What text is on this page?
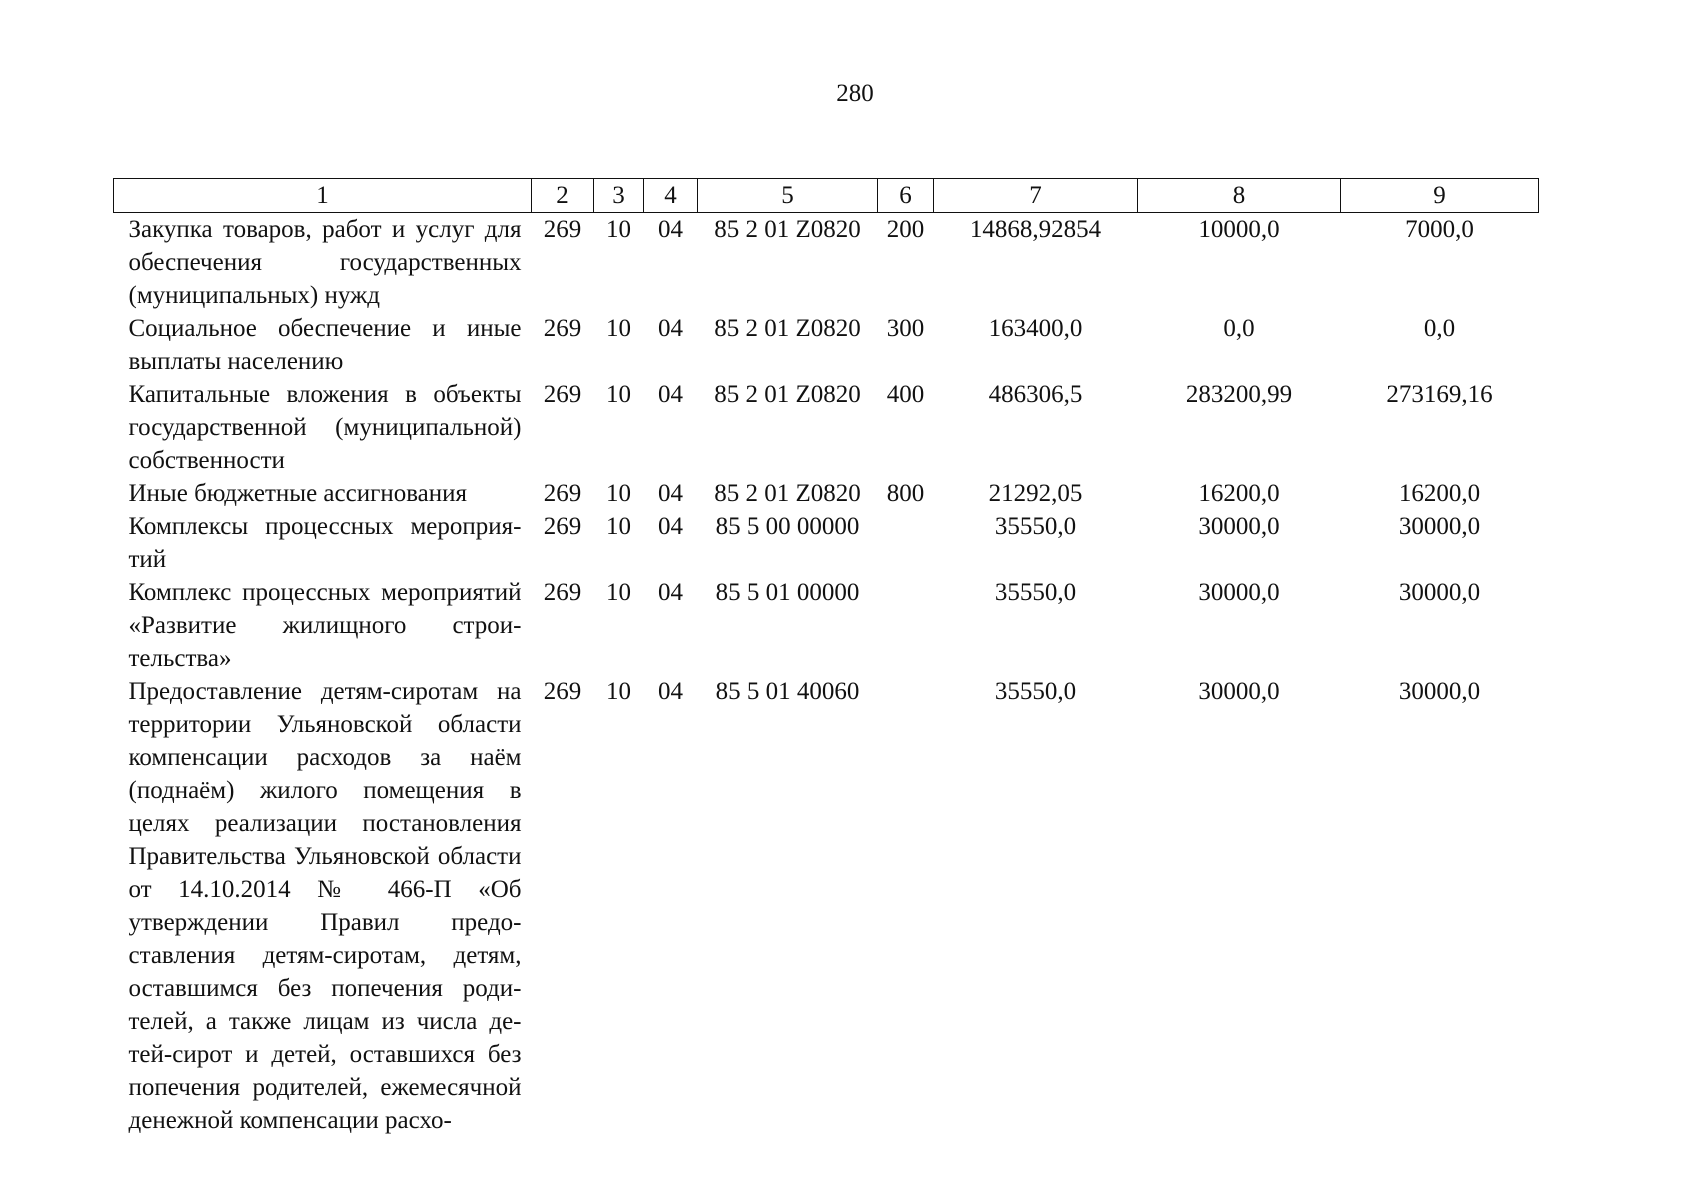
280
1	2	3	4	5	6	7	8	9
Закупка товаров, работ и услуг для обеспечения государственных (муниципальных) нужд	269	10	04	85 2 01 Z0820	200	14868,92854	10000,0	7000,0
Социальное обеспечение и иные выплаты населению	269	10	04	85 2 01 Z0820	300	163400,0	0,0	0,0
Капитальные вложения в объекты государственной (муниципальной) собственности	269	10	04	85 2 01 Z0820	400	486306,5	283200,99	273169,16
Иные бюджетные ассигнования	269	10	04	85 2 01 Z0820	800	21292,05	16200,0	16200,0
Комплексы процессных мероприятий	269	10	04	85 5 00 00000		35550,0	30000,0	30000,0
Комплекс процессных мероприятий «Развитие жилищного строительства»	269	10	04	85 5 01 00000		35550,0	30000,0	30000,0
Предоставление детям-сиротам на территории Ульяновской области компенсации расходов за наём (поднаём) жилого помещения в целях реализации постановления Правительства Ульяновской области от 14.10.2014 № 466-П «Об утверждении Правил предоставления детям-сиротам, детям, оставшимся без попечения родителей, а также лицам из числа детей-сирот и детей, оставшихся без попечения родителей, ежемесячной денежной компенсации расхо-	269	10	04	85 5 01 40060		35550,0	30000,0	30000,0
